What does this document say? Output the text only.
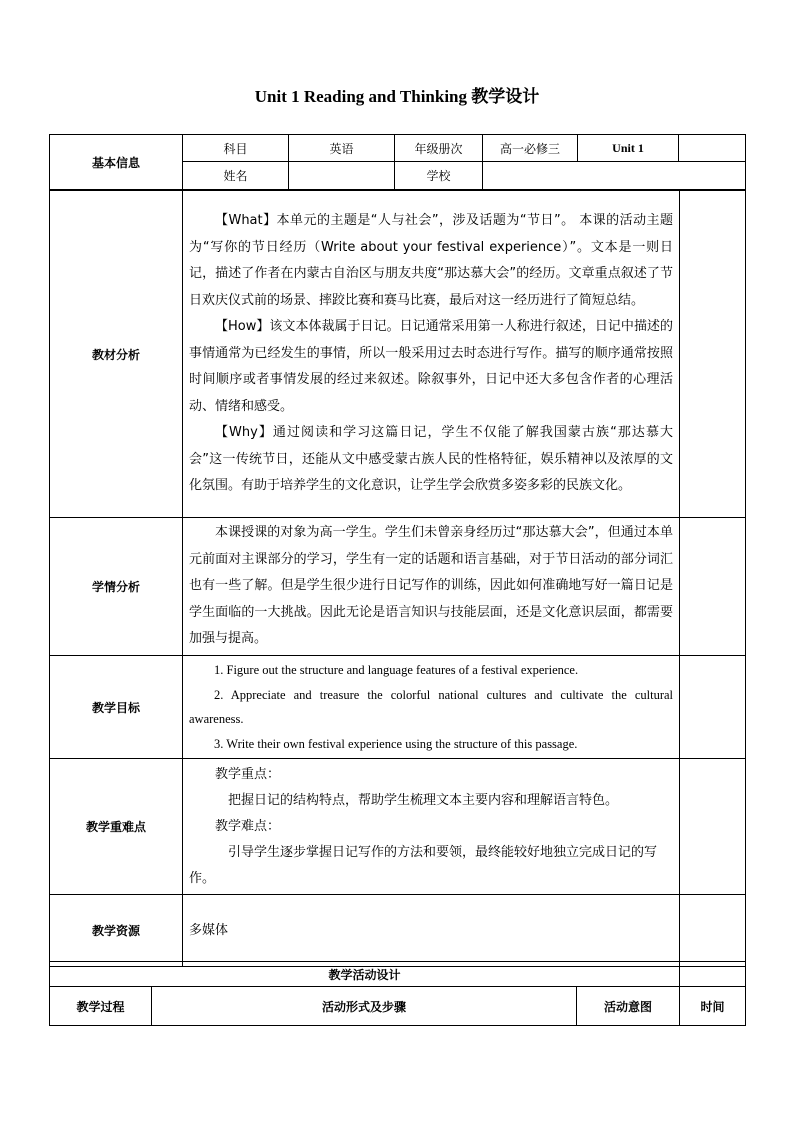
Unit 1 Reading and Thinking 教学设计
基本信息	科目	英语	年级册次	高一必修三	Unit 1	
	姓名		学校			
教材分析	【What】本单元的主题是“人与社会”，涉及话题为“节日”。 本课的活动主题为“写你的节日经历（Write about your festival experience）”。文本是一则日记，描述了作者在内蒙古自治区与朋友共度“那达慕大会”的经历。文章重点叙述了节日欢庆仪式前的场景、摔跤比赛和赛马比赛，最后对这一经历进行了简短总结。

【How】该文本体裁属于日记。日记通常采用第一人称进行叙述，日记中描述的事情通常为已经发生的事情，所以一般采用过去时态进行写作。描写的顺序通常按照时间顺序或者事情发展的经过来叙述。除叙事外，日记中还大多包含作者的心理活动、情绪和感受。

【Why】通过阅读和学习这篇日记，学生不仅能了解我国蒙古族“那达慕大会”这一传统节日，还能从文中感受蒙古族人民的性格特征，娱乐精神以及浓厚的文化氛围。有助于培养学生的文化意识，让学生学会欣赏多姿多彩的民族文化。	

学情分析	本课授课的对象为高一学生。学生们未曾亲身经历过“那达慕大会”，但通过本单元前面对主课部分的学习，学生有一定的话题和语言基础，对于节日活动的部分词汇也有一些了解。但是学生很少进行日记写作的训练，因此如何准确地写好一篇日记是学生面临的一大挑战。因此无论是语言知识与技能层面，还是文化意识层面，都需要加强与提高。	

教学目标	1. Figure out the structure and language features of a festival experience.

2. Appreciate and treasure the colorful national cultures and cultivate the cultural awareness.

3. Write their own festival experience using the structure of this passage.	

教学重难点	教学重点：

把握日记的结构特点，帮助学生梳理文本主要内容和理解语言特色。

教学难点：

引导学生逐步掌握日记写作的方法和要领，最终能较好地独立完成日记的写作。	

教学资源	多媒体	
教学活动设计			
教学过程	活动形式及步骤	活动意图	时间
